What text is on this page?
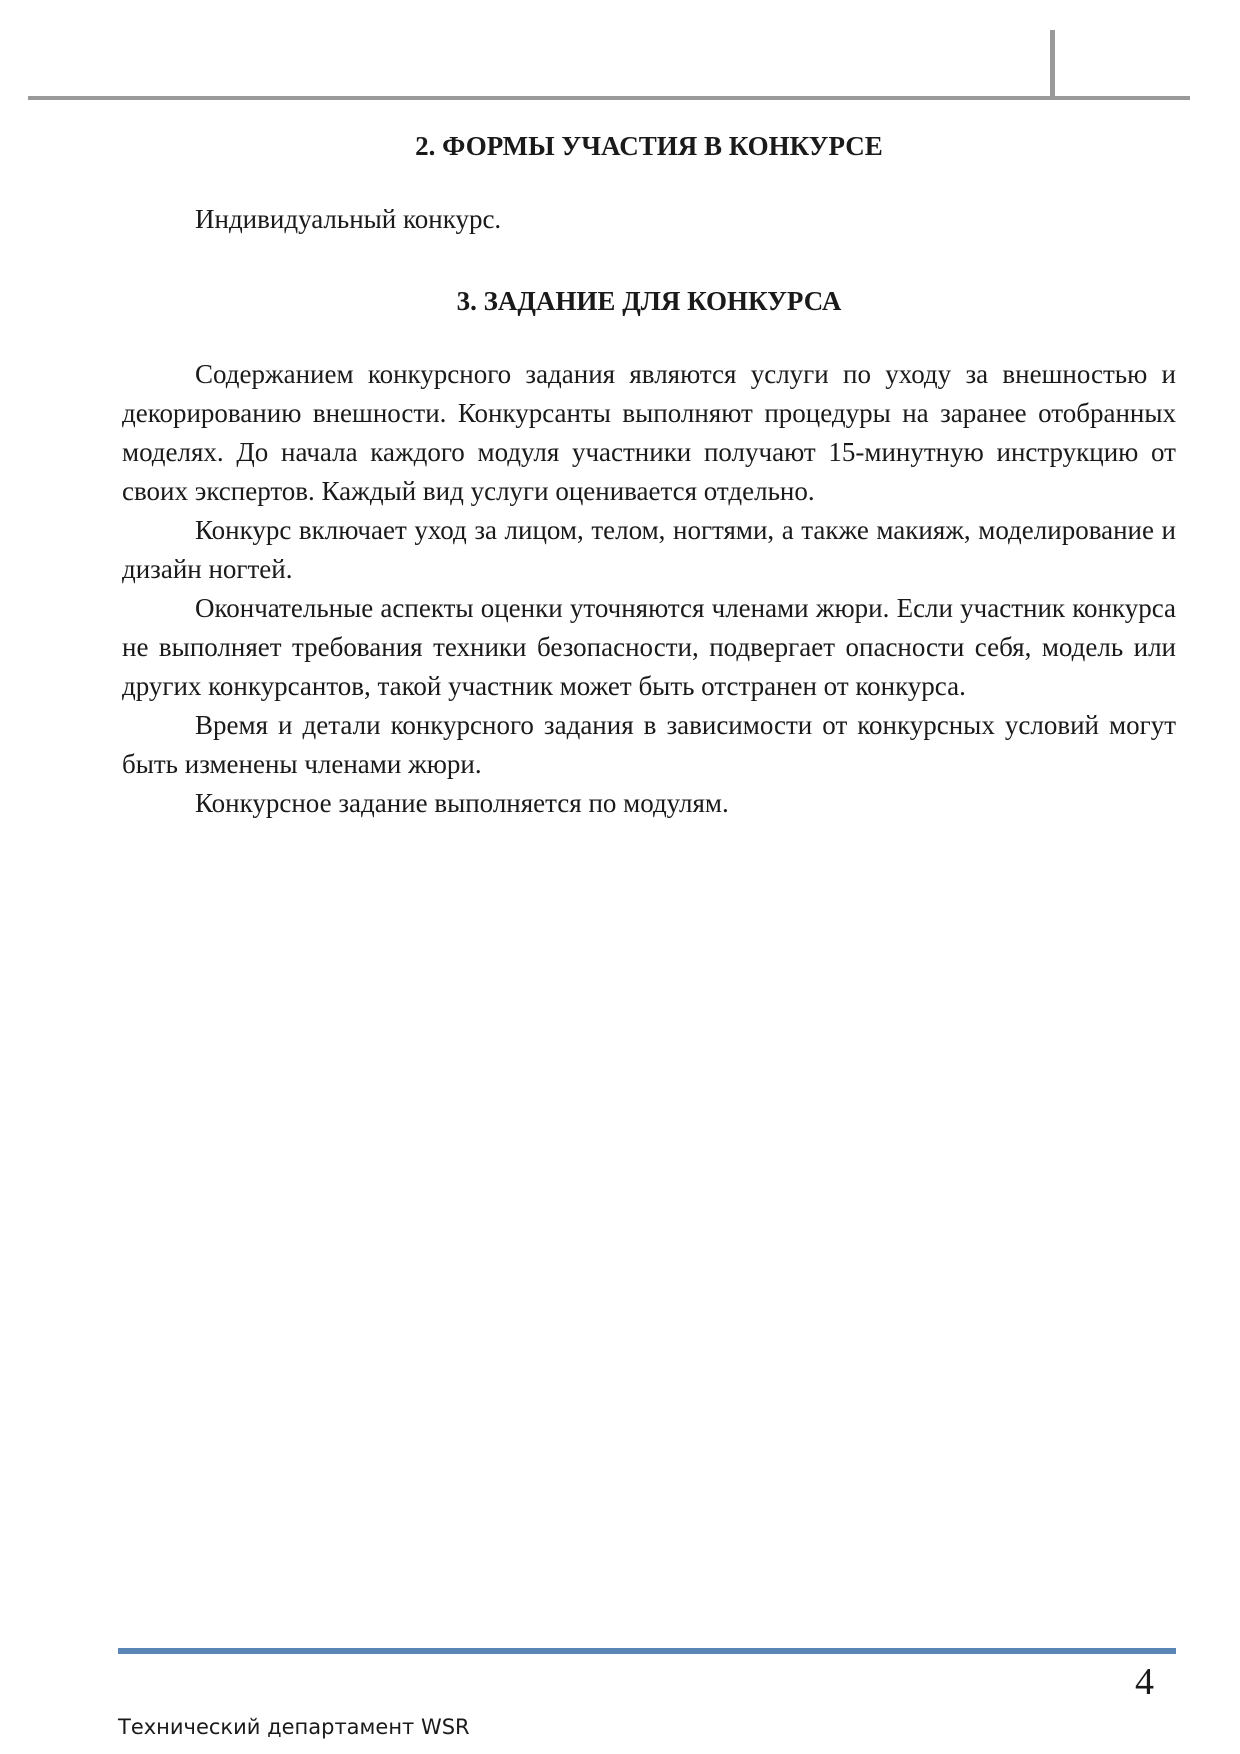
2. ФОРМЫ УЧАСТИЯ В КОНКУРСЕ

Индивидуальный конкурс.

3. ЗАДАНИЕ ДЛЯ КОНКУРСА

Содержанием конкурсного задания являются услуги по уходу за внешностью и декорированию внешности. Конкурсанты выполняют процедуры на заранее отобранных моделях. До начала каждого модуля участники получают 15-минутную инструкцию от своих экспертов. Каждый вид услуги оценивается отдельно.

Конкурс включает уход за лицом, телом, ногтями, а также макияж, моделирование и дизайн ногтей.

Окончательные аспекты оценки уточняются членами жюри. Если участник конкурса не выполняет требования техники безопасности, подвергает опасности себя, модель или других конкурсантов, такой участник может быть отстранен от конкурса.

Время и детали конкурсного задания в зависимости от конкурсных условий могут быть изменены членами жюри.

Конкурсное задание выполняется по модулям.

4
Технический департамент WSR
